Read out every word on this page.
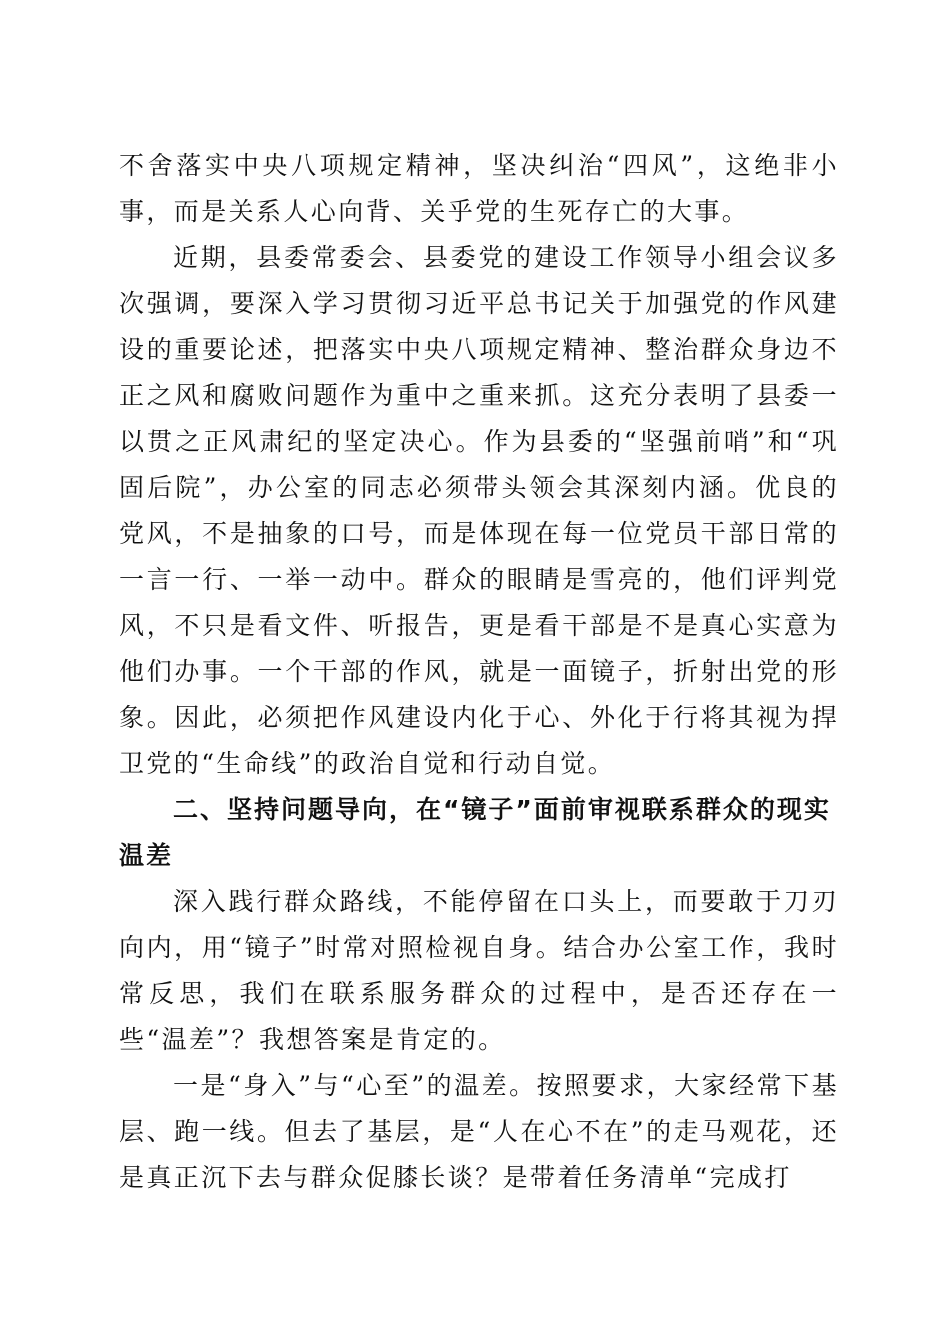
不舍落实中央八项规定精神，坚决纠治“四风”，这绝非小事，而是关系人心向背、关乎党的生死存亡的大事。

近期，县委常委会、县委党的建设工作领导小组会议多次强调，要深入学习贯彻习近平总书记关于加强党的作风建设的重要论述，把落实中央八项规定精神、整治群众身边不正之风和腐败问题作为重中之重来抓。这充分表明了县委一以贯之正风肃纪的坚定决心。作为县委的“坚强前哨”和“巩固后院”，办公室的同志必须带头领会其深刻内涵。优良的党风，不是抽象的口号，而是体现在每一位党员干部日常的一言一行、一举一动中。群众的眼睛是雪亮的，他们评判党风，不只是看文件、听报告，更是看干部是不是真心实意为他们办事。一个干部的作风，就是一面镜子，折射出党的形象。因此，必须把作风建设内化于心、外化于行将其视为捍卫党的“生命线”的政治自觉和行动自觉。

二、坚持问题导向，在“镜子”面前审视联系群众的现实温差

深入践行群众路线，不能停留在口头上，而要敢于刀刃向内，用“镜子”时常对照检视自身。结合办公室工作，我时常反思，我们在联系服务群众的过程中，是否还存在一些“温差”？我想答案是肯定的。

一是“身入”与“心至”的温差。按照要求，大家经常下基层、跑一线。但去了基层，是“人在心不在”的走马观花，还是真正沉下去与群众促膝长谈？是带着任务清单“完成打
